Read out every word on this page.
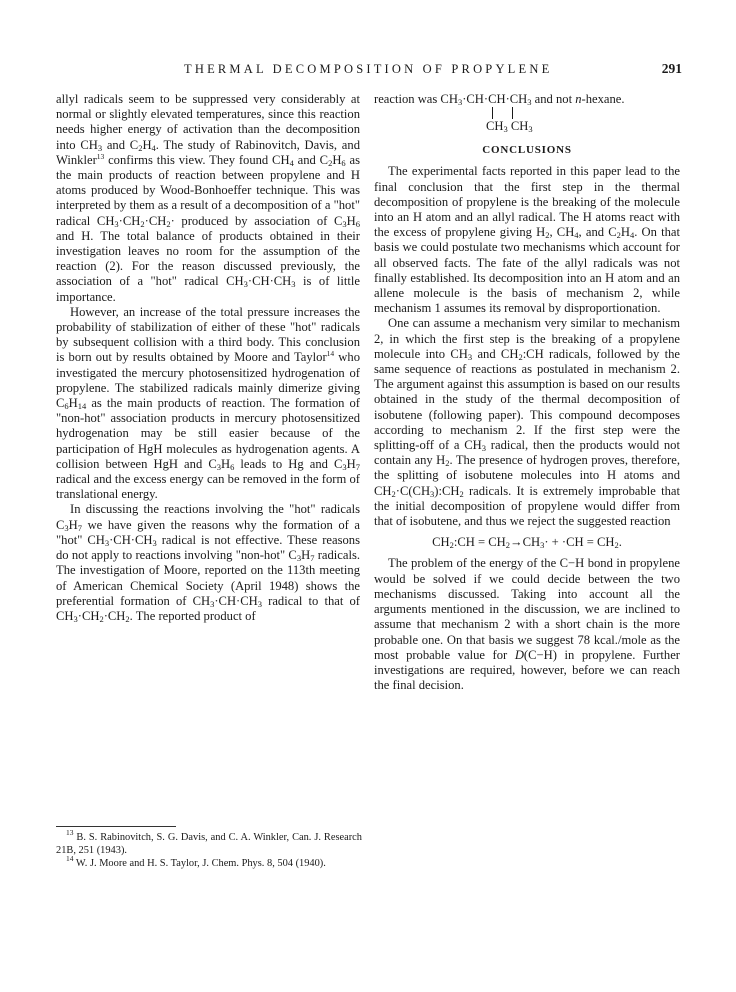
THERMAL DECOMPOSITION OF PROPYLENE	291

allyl radicals seem to be suppressed very considerably at normal or slightly elevated temperatures, since this reaction needs higher energy of activation than the decomposition into $CH_3$ and $C_2H_4$. The study of Rabinovitch, Davis, and Winkler$^{13}$ confirms this view. They found $CH_4$ and $C_2H_6$ as the main products of reaction between propylene and H atoms produced by Wood-Bonhoeffer technique. This was interpreted by them as a result of a decomposition of a "hot" radical $CH_3\cdot CH_2\cdot CH_2\cdot$ produced by association of $C_3H_6$ and H. The total balance of products obtained in their investigation leaves no room for the assumption of the reaction (2). For the reason discussed previously, the association of a "hot" radical $CH_3\cdot CH\cdot CH_3$ is of little importance.

However, an increase of the total pressure increases the probability of stabilization of either of these "hot" radicals by subsequent collision with a third body. This conclusion is born out by results obtained by Moore and Taylor$^{14}$ who investigated the mercury photosensitized hydrogenation of propylene. The stabilized radicals mainly dimerize giving $C_6H_{14}$ as the main products of reaction. The formation of "non-hot" association products in mercury photosensitized hydrogenation may be still easier because of the participation of HgH molecules as hydrogenation agents. A collision between HgH and $C_3H_6$ leads to Hg and $C_3H_7$ radical and the excess energy can be removed in the form of translational energy.

In discussing the reactions involving the "hot" radicals $C_3H_7$ we have given the reasons why the formation of a "hot" $CH_3\cdot CH\cdot CH_3$ radical is not effective. These reasons do not apply to reactions involving "non-hot" $C_3H_7$ radicals. The investigation of Moore, reported on the 113th meeting of American Chemical Society (April 1948) shows the preferential formation of $CH_3\cdot CH\cdot CH_3$ radical to that of $CH_3\cdot CH_2\cdot CH_2$. The reported product of

$^{13}$ B. S. Rabinovitch, S. G. Davis, and C. A. Winkler, Can. J. Research 21B, 251 (1943).

$^{14}$ W. J. Moore and H. S. Taylor, J. Chem. Phys. 8, 504 (1940).

reaction was $CH_3\cdot CH\cdot CH\cdot CH_3$ and not n-hexane.

$CH_3$ $CH_3$
CONCLUSIONS

The experimental facts reported in this paper lead to the final conclusion that the first step in the thermal decomposition of propylene is the breaking of the molecule into an H atom and an allyl radical. The H atoms react with the excess of propylene giving $H_2$, $CH_4$, and $C_2H_4$. On that basis we could postulate two mechanisms which account for all observed facts. The fate of the allyl radicals was not finally established. Its decomposition into an H atom and an allene molecule is the basis of mechanism 2, while mechanism 1 assumes its removal by disproportionation.

One can assume a mechanism very similar to mechanism 2, in which the first step is the breaking of a propylene molecule into $CH_3$ and $CH_2:CH$ radicals, followed by the same sequence of reactions as postulated in mechanism 2. The argument against this assumption is based on our results obtained in the study of the thermal decomposition of isobutene (following paper). This compound decomposes according to mechanism 2. If the first step were the splitting-off of a $CH_3$ radical, then the products would not contain any $H_2$. The presence of hydrogen proves, therefore, the splitting of isobutene molecules into H atoms and $CH_2\cdot C(CH_3):CH_2$ radicals. It is extremely improbable that the initial decomposition of propylene would differ from that of isobutene, and thus we reject the suggested reaction

$CH_2:CH = CH_2\to CH_3\cdot + \cdot CH = CH_2$.

The problem of the energy of the C−H bond in propylene would be solved if we could decide between the two mechanisms discussed. Taking into account all the arguments mentioned in the discussion, we are inclined to assume that mechanism 2 with a short chain is the more probable one. On that basis we suggest 78 kcal./mole as the most probable value for D(C−H) in propylene. Further investigations are required, however, before we can reach the final decision.
